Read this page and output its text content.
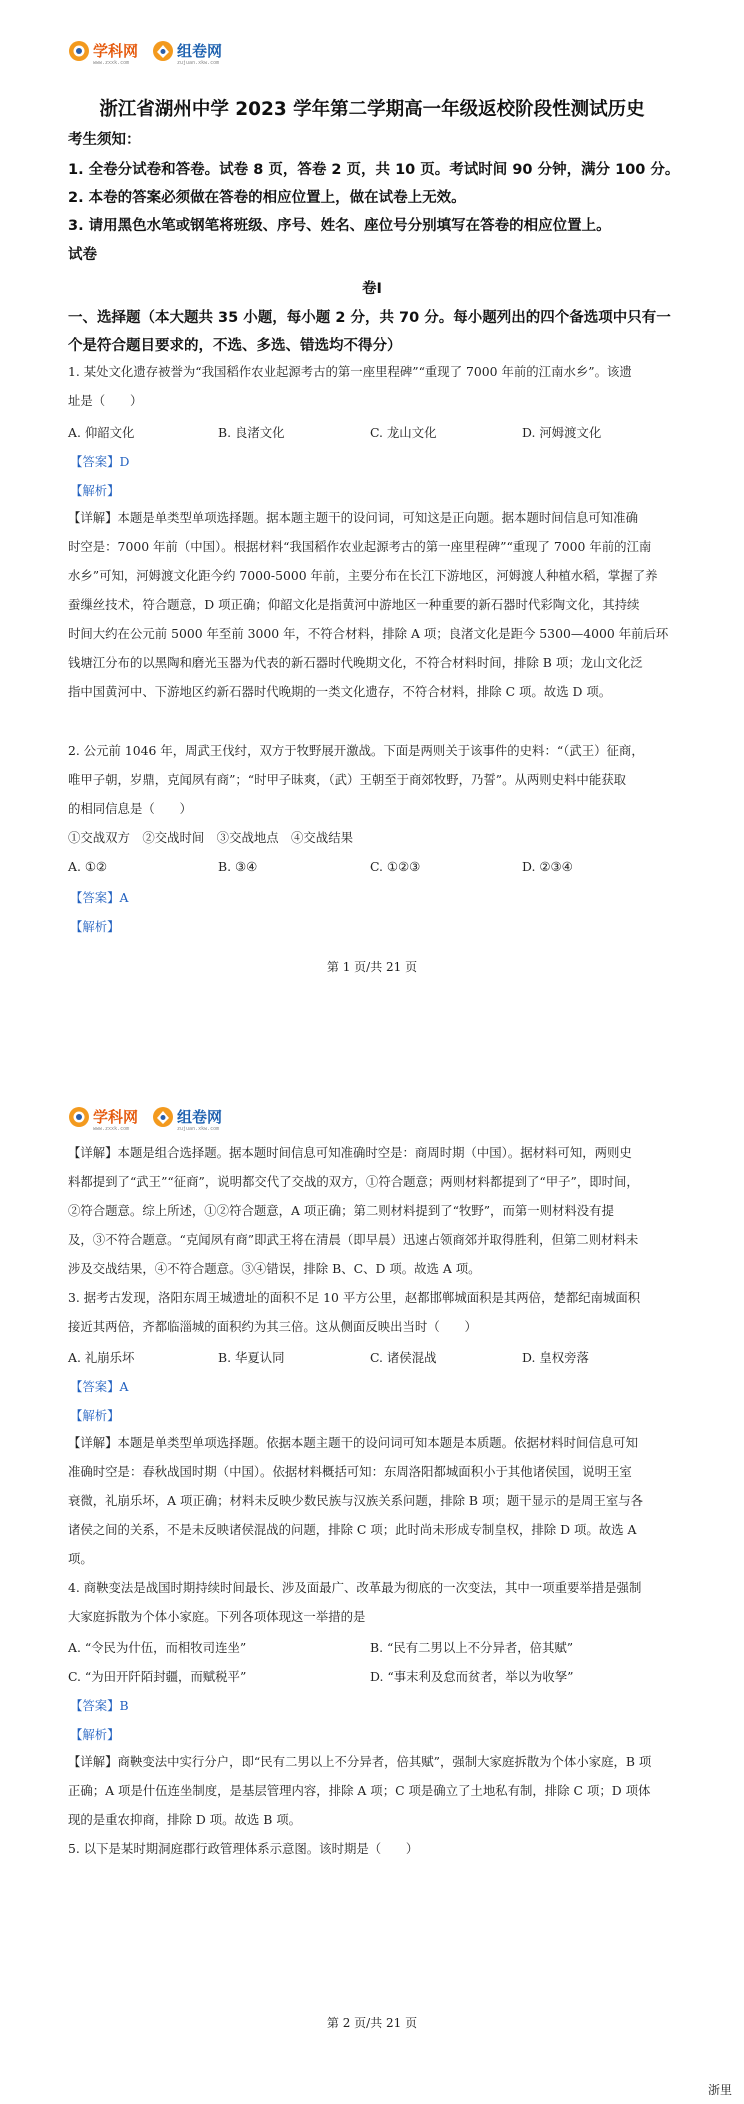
学科网
www.zxxk.com
组卷网
zujuan.xkw.com
浙江省湖州中学 2023 学年第二学期高一年级返校阶段性测试历史
考生须知：
1. 全卷分试卷和答卷。试卷 8 页，答卷 2 页，共 10 页。考试时间 90 分钟，满分 100 分。
2. 本卷的答案必须做在答卷的相应位置上，做在试卷上无效。
3. 请用黑色水笔或钢笔将班级、序号、姓名、座位号分别填写在答卷的相应位置上。
试卷
卷Ⅰ
一、选择题（本大题共 35 小题，每小题 2 分，共 70 分。每小题列出的四个备选项中只有一
个是符合题目要求的，不选、多选、错选均不得分）
1. 某处文化遗存被誉为“我国稻作农业起源考古的第一座里程碑”“重现了 7000 年前的江南水乡”。该遗
址是（　　）
A. 仰韶文化	B. 良渚文化	C. 龙山文化	D. 河姆渡文化
【答案】D
【解析】
【详解】本题是单类型单项选择题。据本题主题干的设问词，可知这是正向题。据本题时间信息可知准确
时空是：7000 年前（中国）。根据材料“我国稻作农业起源考古的第一座里程碑”“重现了 7000 年前的江南
水乡”可知，河姆渡文化距今约 7000-5000 年前，主要分布在长江下游地区，河姆渡人种植水稻，掌握了养
蚕缫丝技术，符合题意，D 项正确；仰韶文化是指黄河中游地区一种重要的新石器时代彩陶文化，其持续
时间大约在公元前 5000 年至前 3000 年，不符合材料，排除 A 项；良渚文化是距今 5300—4000 年前后环
钱塘江分布的以黑陶和磨光玉器为代表的新石器时代晚期文化，不符合材料时间，排除 B 项；龙山文化泛
指中国黄河中、下游地区约新石器时代晚期的一类文化遗存，不符合材料，排除 C 项。故选 D 项。
2. 公元前 1046 年，周武王伐纣，双方于牧野展开激战。下面是两则关于该事件的史料：“（武王）征商，
唯甲子朝，岁鼎，克闻夙有商”；“时甲子昧爽，（武）王朝至于商郊牧野，乃誓”。从两则史料中能获取
的相同信息是（　　）
①交战双方　②交战时间　③交战地点　④交战结果
A. ①②	B. ③④	C. ①②③	D. ②③④
【答案】A
【解析】
第 1 页/共 21 页
学科网
www.zxxk.com
组卷网
zujuan.xkw.com
【详解】本题是组合选择题。据本题时间信息可知准确时空是：商周时期（中国）。据材料可知，两则史
料都提到了“武王”“征商”，说明都交代了交战的双方，①符合题意；两则材料都提到了“甲子”，即时间，
②符合题意。综上所述，①②符合题意，A 项正确；第二则材料提到了“牧野”，而第一则材料没有提
及，③不符合题意。“克闻夙有商”即武王将在清晨（即早晨）迅速占领商郊并取得胜利，但第二则材料未
涉及交战结果，④不符合题意。③④错误，排除 B、C、D 项。故选 A 项。
3. 据考古发现，洛阳东周王城遗址的面积不足 10 平方公里，赵都邯郸城面积是其两倍，楚都纪南城面积
接近其两倍，齐都临淄城的面积约为其三倍。这从侧面反映出当时（　　）
A. 礼崩乐坏	B. 华夏认同	C. 诸侯混战	D. 皇权旁落
【答案】A
【解析】
【详解】本题是单类型单项选择题。依据本题主题干的设问词可知本题是本质题。依据材料时间信息可知
准确时空是：春秋战国时期（中国）。依据材料概括可知：东周洛阳都城面积小于其他诸侯国，说明王室
衰微，礼崩乐坏，A 项正确；材料未反映少数民族与汉族关系问题，排除 B 项；题干显示的是周王室与各
诸侯之间的关系，不是未反映诸侯混战的问题，排除 C 项；此时尚未形成专制皇权，排除 D 项。故选 A
项。
4. 商鞅变法是战国时期持续时间最长、涉及面最广、改革最为彻底的一次变法，其中一项重要举措是强制
大家庭拆散为个体小家庭。下列各项体现这一举措的是
A. “令民为什伍，而相牧司连坐”	B. “民有二男以上不分异者，倍其赋”
C. “为田开阡陌封疆，而赋税平”	D. “事末利及怠而贫者，举以为收孥”
【答案】B
【解析】
【详解】商鞅变法中实行分户，即“民有二男以上不分异者，倍其赋”，强制大家庭拆散为个体小家庭，B 项
正确；A 项是什伍连坐制度，是基层管理内容，排除 A 项；C 项是确立了土地私有制，排除 C 项；D 项体
现的是重农抑商，排除 D 项。故选 B 项。
5. 以下是某时期洞庭郡行政管理体系示意图。该时期是（　　）
第 2 页/共 21 页
浙里
